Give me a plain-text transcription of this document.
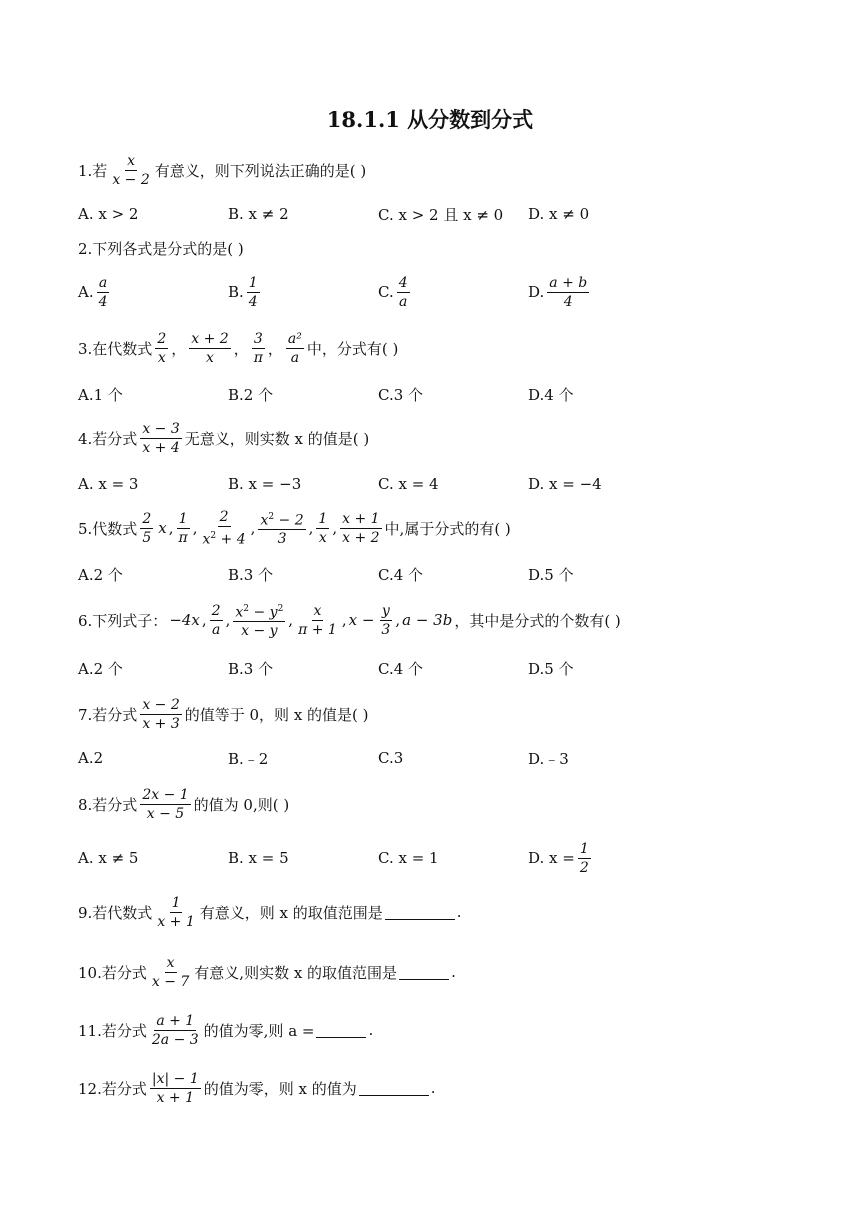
18.1.1 从分数到分式
1.若 $\frac{x}{x - 2}$ 有意义，则下列说法正确的是( )
A. x > 2	B. x ≠ 2	C. x > 2 且 x ≠ 0 D. x ≠ 0
2.下列各式是分式的是( )
A. $\frac{a}{4}$	B. $\frac{1}{4}$	C. $\frac{4}{a}$	D. $\frac{a + b}{4}$
3.在代数式 $\frac{2}{x}$ ， $\frac{x + 2}{x}$ ， $\frac{3}{\pi}$ ， $\frac{\text{a²}}{a}$ 中，分式有( )
A.1 个	B.2 个	C.3 个	D.4 个
4.若分式 $\frac{x - 3}{x + 4}$ 无意义，则实数 x 的值是( )
A. x = 3	B. x = −3	C. x = 4	D. x = −4
5.代数式 $\frac{2}{5}$ x , $\frac{1}{\pi}$ , $\frac{2}{x^2 + 4}$ , $\frac{x^2 - 2}{3}$ , $\frac{1}{x}$ , $\frac{x + 1}{x + 2}$ 中,属于分式的有( )
A.2 个	B.3 个	C.4 个	D.5 个
6.下列式子： −4x , $\frac{2}{a}$ , $\frac{x^2 - y^2}{x - y}$ , $\frac{x}{\pi + 1}$ , $x - \frac{y}{3}$ , a − 3b ，其中是分式的个数有( )
A.2 个	B.3 个	C.4 个	D.5 个
7.若分式 $\frac{x - 2}{x + 3}$ 的值等于 0，则 x 的值是( )
A.2	B.﹣2	C.3	D.﹣3
8.若分式 $\frac{2x - 1}{x - 5}$ 的值为 0,则( )
A. x ≠ 5	B. x = 5	C. x = 1	D. $x = \frac{1}{2}$
9.若代数式 $\frac{1}{x + 1}$ 有意义，则 x 的取值范围是	.
10.若分式 $\frac{x}{x - 7}$ 有意义,则实数 x 的取值范围是	.
11.若分式 $\frac{a + 1}{2a - 3}$ 的值为零,则 a =	.
12.若分式 $\frac{|x| - 1}{x + 1}$ 的值为零，则 x 的值为	.
